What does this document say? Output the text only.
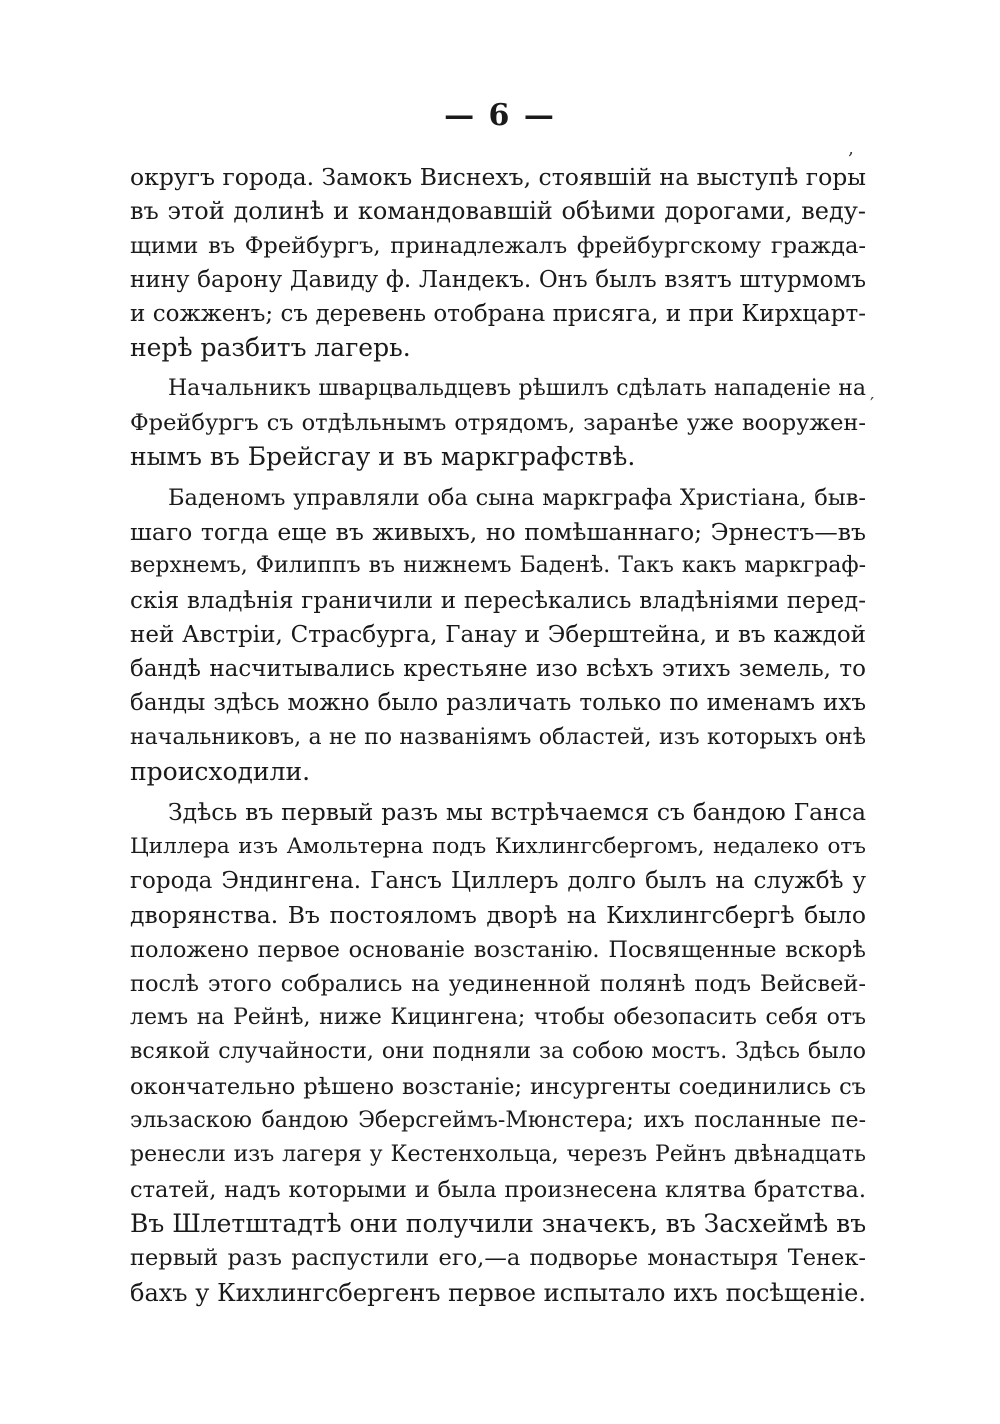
— 6 —
‚
′
округъ города. Замокъ Виснехъ, стоявшій на выступѣ горы
въ этой долинѣ и командовавшій обѣими дорогами, веду-
щими въ Фрейбургъ, принадлежалъ фрейбургскому гражда-
нину барону Давиду ф. Ландекъ. Онъ былъ взятъ штурмомъ
и сожженъ; съ деревень отобрана присяга, и при Кирхцарт-
нерѣ разбитъ лагерь.
Начальникъ шварцвальдцевъ рѣшилъ сдѣлать нападеніе на
Фрейбургъ съ отдѣльнымъ отрядомъ, заранѣе уже вооружен-
нымъ въ Брейсгау и въ маркграфствѣ.
Баденомъ управляли оба сына маркграфа Христіана, быв-
шаго тогда еще въ живыхъ, но помѣшаннаго; Эрнестъ—въ
верхнемъ, Филиппъ въ нижнемъ Баденѣ. Такъ какъ маркграф-
скія владѣнія граничили и пересѣкались владѣніями перед-
ней Австріи, Страсбурга, Ганау и Эберштейна, и въ каждой
бандѣ насчитывались крестьяне изо всѣхъ этихъ земель, то
банды здѣсь можно было различать только по именамъ ихъ
начальниковъ, а не по названіямъ областей, изъ которыхъ онѣ
происходили.
Здѣсь въ первый разъ мы встрѣчаемся съ бандою Ганса
Циллера изъ Амольтерна подъ Кихлингсбергомъ, недалеко отъ
города Эндингена. Гансъ Циллеръ долго былъ на службѣ у
дворянства. Въ постояломъ дворѣ на Кихлингсбергѣ было
положено первое основаніе возстанію. Посвященные вскорѣ
послѣ этого собрались на уединенной полянѣ подъ Вейсвей-
лемъ на Рейнѣ, ниже Кицингена; чтобы обезопасить себя отъ
всякой случайности, они подняли за собою мостъ. Здѣсь было
окончательно рѣшено возстаніе; инсургенты соединились съ
эльзаскою бандою Эберсгеймъ-Мюнстера; ихъ посланные пе-
ренесли изъ лагеря у Кестенхольца, черезъ Рейнъ двѣнадцать
статей, надъ которыми и была произнесена клятва братства.
Въ Шлетштадтѣ они получили значекъ, въ Засхеймѣ въ
первый разъ распустили его,—а подворье монастыря Тенек-
бахъ у Кихлингсбергенъ первое испытало ихъ посѣщеніе.
